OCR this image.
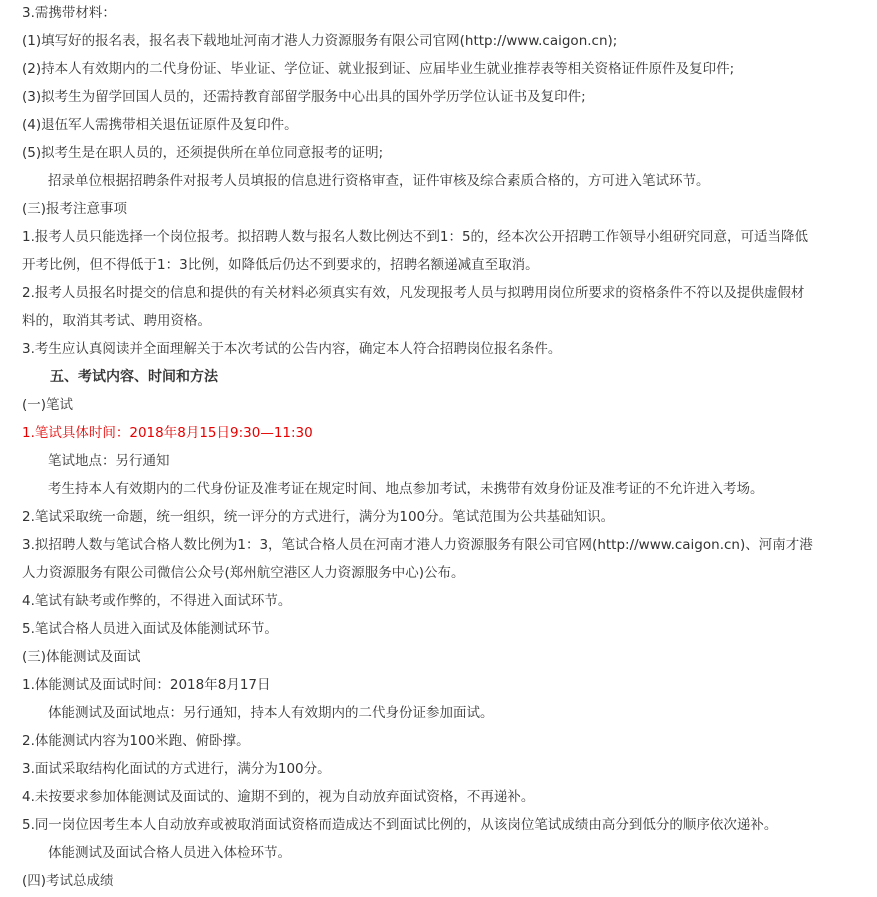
3.需携带材料：
(1)填写好的报名表，报名表下载地址河南才港人力资源服务有限公司官网(http://www.caigon.cn);
(2)持本人有效期内的二代身份证、毕业证、学位证、就业报到证、应届毕业生就业推荐表等相关资格证件原件及复印件;
(3)拟考生为留学回国人员的，还需持教育部留学服务中心出具的国外学历学位认证书及复印件;
(4)退伍军人需携带相关退伍证原件及复印件。
(5)拟考生是在职人员的，还须提供所在单位同意报考的证明;
招录单位根据招聘条件对报考人员填报的信息进行资格审查，证件审核及综合素质合格的，方可进入笔试环节。
(三)报考注意事项
1.报考人员只能选择一个岗位报考。拟招聘人数与报名人数比例达不到1：5的，经本次公开招聘工作领导小组研究同意，可适当降低
开考比例，但不得低于1：3比例，如降低后仍达不到要求的，招聘名额递减直至取消。
2.报考人员报名时提交的信息和提供的有关材料必须真实有效，凡发现报考人员与拟聘用岗位所要求的资格条件不符以及提供虚假材
料的，取消其考试、聘用资格。
3.考生应认真阅读并全面理解关于本次考试的公告内容，确定本人符合招聘岗位报名条件。
五、考试内容、时间和方法
(一)笔试
1.笔试具体时间：2018年8月15日9:30—11:30
笔试地点：另行通知
考生持本人有效期内的二代身份证及准考证在规定时间、地点参加考试，未携带有效身份证及准考证的不允许进入考场。
2.笔试采取统一命题，统一组织，统一评分的方式进行，满分为100分。笔试范围为公共基础知识。
3.拟招聘人数与笔试合格人数比例为1：3，笔试合格人员在河南才港人力资源服务有限公司官网(http://www.caigon.cn)、河南才港
人力资源服务有限公司微信公众号(郑州航空港区人力资源服务中心)公布。
4.笔试有缺考或作弊的，不得进入面试环节。
5.笔试合格人员进入面试及体能测试环节。
(三)体能测试及面试
1.体能测试及面试时间：2018年8月17日
体能测试及面试地点：另行通知，持本人有效期内的二代身份证参加面试。
2.体能测试内容为100米跑、俯卧撑。
3.面试采取结构化面试的方式进行，满分为100分。
4.未按要求参加体能测试及面试的、逾期不到的，视为自动放弃面试资格，不再递补。
5.同一岗位因考生本人自动放弃或被取消面试资格而造成达不到面试比例的，从该岗位笔试成绩由高分到低分的顺序依次递补。
体能测试及面试合格人员进入体检环节。
(四)考试总成绩
